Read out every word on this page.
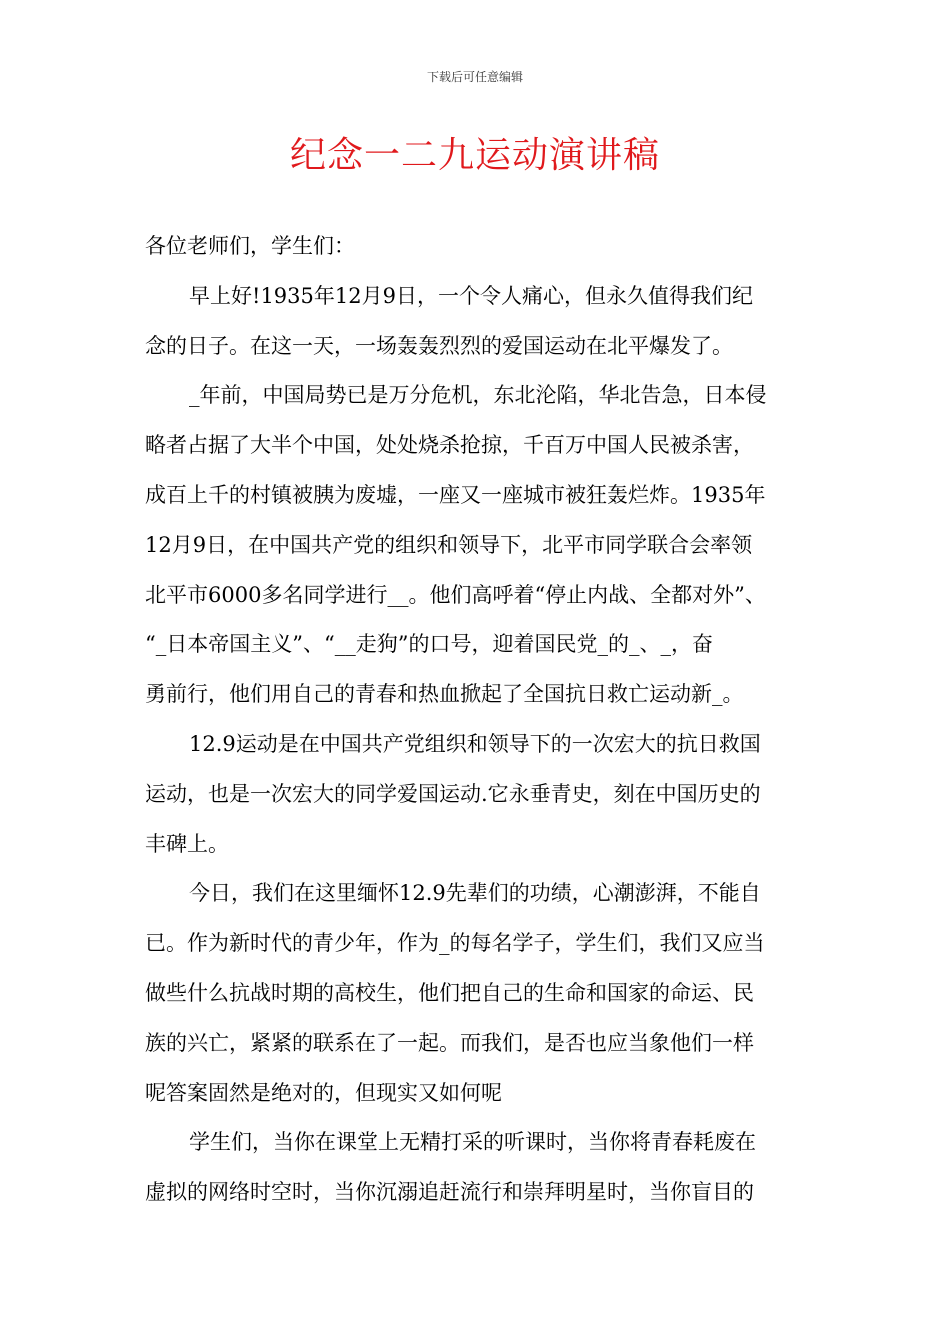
下载后可任意编辑
纪念一二九运动演讲稿
各位老师们，学生们：
早上好!1935年12月9日，一个令人痛心，但永久值得我们纪
念的日子。在这一天，一场轰轰烈烈的爱国运动在北平爆发了。
_年前，中国局势已是万分危机，东北沦陷，华北告急，日本侵
略者占据了大半个中国，处处烧杀抢掠，千百万中国人民被杀害，
成百上千的村镇被胰为废墟，一座又一座城市被狂轰烂炸。1935年
12月9日，在中国共产党的组织和领导下，北平市同学联合会率领
北平市6000多名同学进行__。他们高呼着“停止内战、全都对外”、
“_日本帝国主义”、“__走狗”的口号，迎着国民党_的_、_，奋
勇前行，他们用自己的青春和热血掀起了全国抗日救亡运动新_。
12.9运动是在中国共产党组织和领导下的一次宏大的抗日救国
运动，也是一次宏大的同学爱国运动.它永垂青史，刻在中国历史的
丰碑上。
今日，我们在这里缅怀12.9先辈们的功绩，心潮澎湃，不能自
已。作为新时代的青少年，作为_的每名学子，学生们，我们又应当
做些什么抗战时期的高校生，他们把自己的生命和国家的命运、民
族的兴亡，紧紧的联系在了一起。而我们，是否也应当象他们一样
呢答案固然是绝对的，但现实又如何呢
学生们，当你在课堂上无精打采的听课时，当你将青春耗废在
虚拟的网络时空时，当你沉溺追赶流行和崇拜明星时，当你盲目的
